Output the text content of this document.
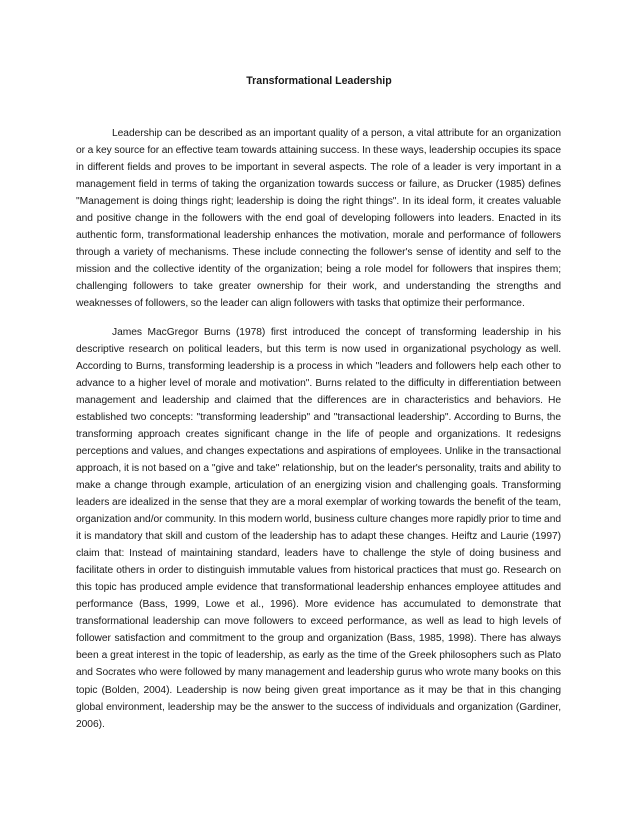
Transformational Leadership

Leadership can be described as an important quality of a person, a vital attribute for an organization or a key source for an effective team towards attaining success. In these ways, leadership occupies its space in different fields and proves to be important in several aspects. The role of a leader is very important in a management field in terms of taking the organization towards success or failure, as Drucker (1985) defines "Management is doing things right; leadership is doing the right things". In its ideal form, it creates valuable and positive change in the followers with the end goal of developing followers into leaders. Enacted in its authentic form, transformational leadership enhances the motivation, morale and performance of followers through a variety of mechanisms. These include connecting the follower's sense of identity and self to the mission and the collective identity of the organization; being a role model for followers that inspires them; challenging followers to take greater ownership for their work, and understanding the strengths and weaknesses of followers, so the leader can align followers with tasks that optimize their performance.

James MacGregor Burns (1978) first introduced the concept of transforming leadership in his descriptive research on political leaders, but this term is now used in organizational psychology as well. According to Burns, transforming leadership is a process in which "leaders and followers help each other to advance to a higher level of morale and motivation". Burns related to the difficulty in differentiation between management and leadership and claimed that the differences are in characteristics and behaviors. He established two concepts: "transforming leadership" and "transactional leadership". According to Burns, the transforming approach creates significant change in the life of people and organizations. It redesigns perceptions and values, and changes expectations and aspirations of employees. Unlike in the transactional approach, it is not based on a "give and take" relationship, but on the leader's personality, traits and ability to make a change through example, articulation of an energizing vision and challenging goals. Transforming leaders are idealized in the sense that they are a moral exemplar of working towards the benefit of the team, organization and/or community. In this modern world, business culture changes more rapidly prior to time and it is mandatory that skill and custom of the leadership has to adapt these changes. Heiftz and Laurie (1997) claim that: Instead of maintaining standard, leaders have to challenge the style of doing business and facilitate others in order to distinguish immutable values from historical practices that must go. Research on this topic has produced ample evidence that transformational leadership enhances employee attitudes and performance (Bass, 1999, Lowe et al., 1996). More evidence has accumulated to demonstrate that transformational leadership can move followers to exceed performance, as well as lead to high levels of follower satisfaction and commitment to the group and organization (Bass, 1985, 1998). There has always been a great interest in the topic of leadership, as early as the time of the Greek philosophers such as Plato and Socrates who were followed by many management and leadership gurus who wrote many books on this topic (Bolden, 2004). Leadership is now being given great importance as it may be that in this changing global environment, leadership may be the answer to the success of individuals and organization (Gardiner, 2006).
